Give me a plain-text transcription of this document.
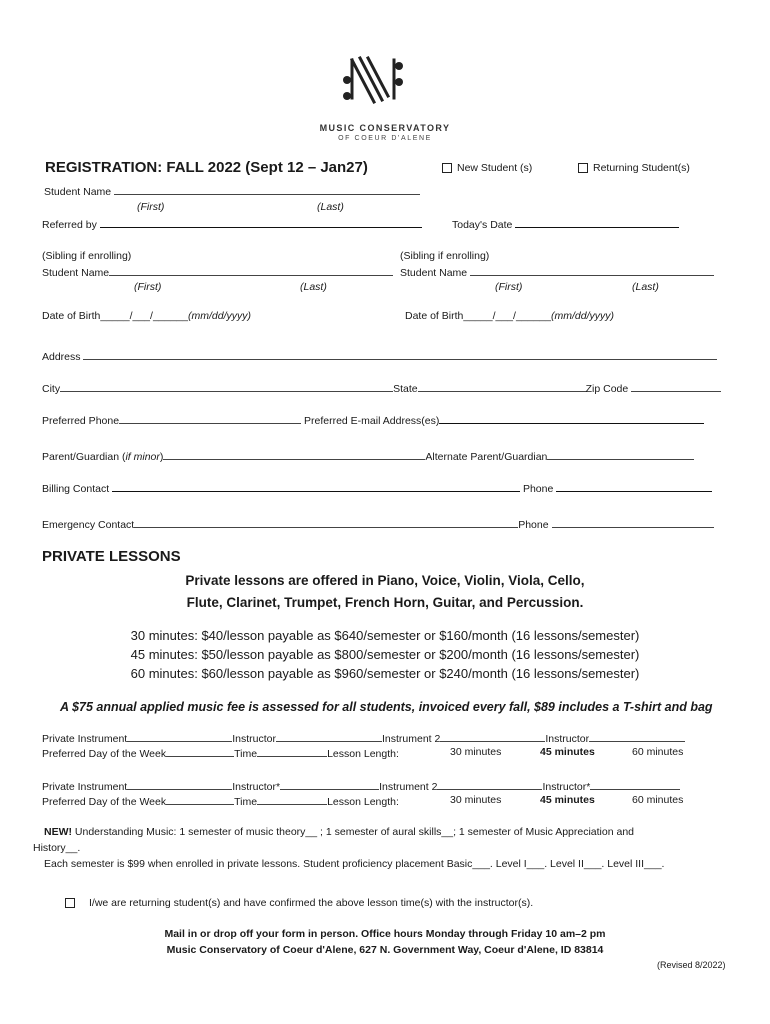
MUSIC CONSERVATORY
OF COEUR D'ALENE
REGISTRATION: FALL 2022 (Sept 12 – Jan27)	New Student (s)	Returning Student(s)
Student Name
(First)	(Last)
Referred by	Today's Date
(Sibling if enrolling)	(Sibling if enrolling)
Student Name	Student Name
(First)	(Last)	(First)	(Last)
Date of Birth_____/___/______(mm/dd/yyyy)	Date of Birth_____/___/______(mm/dd/yyyy)
Address
City	State	Zip Code
Preferred Phone	Preferred E-mail Address(es)
Parent/Guardian (if minor)	Alternate Parent/Guardian
Billing Contact	Phone
Emergency Contact	Phone
PRIVATE LESSONS
Private lessons are offered in Piano, Voice, Violin, Viola, Cello,
Flute, Clarinet, Trumpet, French Horn, Guitar, and Percussion.
30 minutes: $40/lesson payable as $640/semester or $160/month (16 lessons/semester)
45 minutes: $50/lesson payable as $800/semester or $200/month (16 lessons/semester)
60 minutes: $60/lesson payable as $960/semester or $240/month (16 lessons/semester)
A $75 annual applied music fee is assessed for all students, invoiced every fall, $89 includes a T-shirt and bag
Private Instrument	Instructor	Instrument 2	Instructor
Preferred Day of the Week	Time	Lesson Length:	30 minutes	45 minutes	60 minutes
Private Instrument	Instructor*	Instrument 2	Instructor*
Preferred Day of the Week	Time	Lesson Length:	30 minutes	45 minutes	60 minutes
NEW! Understanding Music: 1 semester of music theory__ ; 1 semester of aural skills__; 1 semester of Music Appreciation and
History__.
Each semester is $99 when enrolled in private lessons. Student proficiency placement Basic___. Level I___. Level II___. Level III___.
I/we are returning student(s) and have confirmed the above lesson time(s) with the instructor(s).
Mail in or drop off your form in person. Office hours Monday through Friday 10 am–2 pm
Music Conservatory of Coeur d'Alene, 627 N. Government Way, Coeur d'Alene, ID 83814
(Revised 8/2022)
